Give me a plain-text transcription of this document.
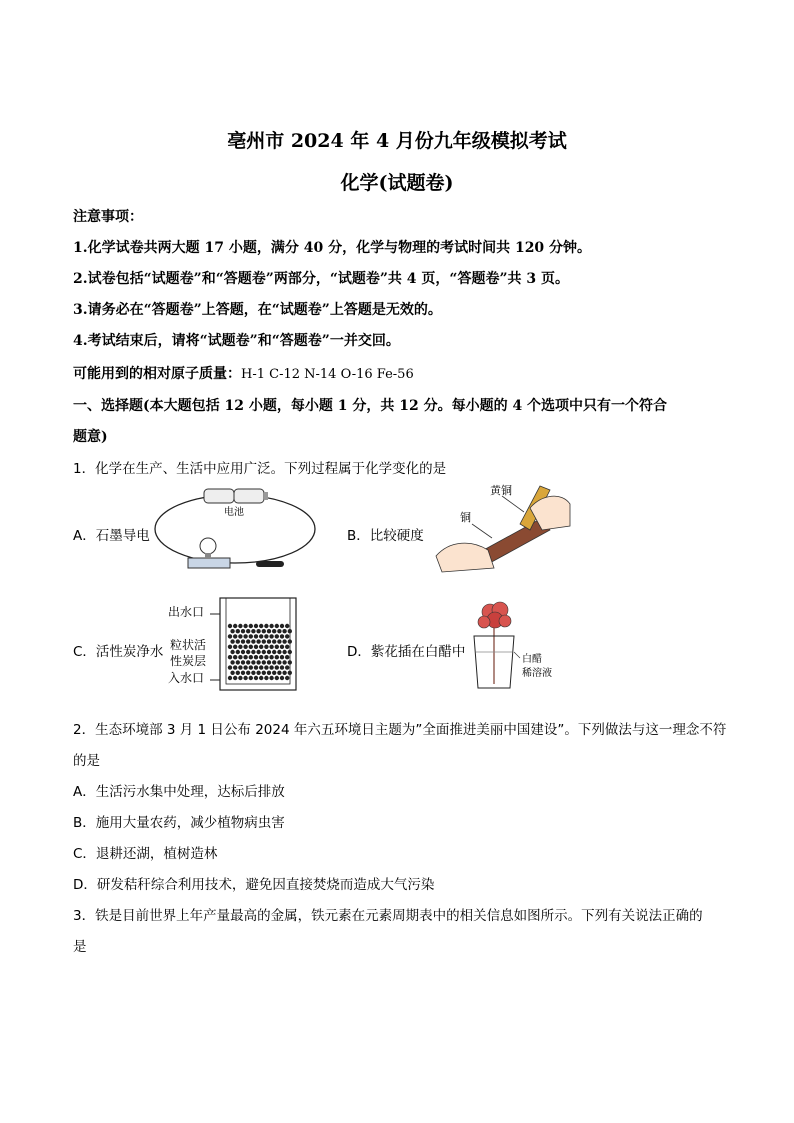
亳州市 2024 年 4 月份九年级模拟考试
化学(试题卷)
注意事项：
1.化学试卷共两大题 17 小题，满分 40 分，化学与物理的考试时间共 120 分钟。
2.试卷包括“试题卷”和“答题卷”两部分，“试题卷”共 4 页，“答题卷”共 3 页。
3.请务必在“答题卷”上答题，在“试题卷”上答题是无效的。
4.考试结束后，请将“试题卷”和“答题卷”一并交回。
可能用到的相对原子质量：H-1 C-12 N-14 O-16 Fe-56
一、选择题(本大题包括 12 小题，每小题 1 分，共 12 分。每小题的 4 个选项中只有一个符合
题意)
1．化学在生产、生活中应用广泛。下列过程属于化学变化的是
A．石墨导电
电池
B．比较硬度
黄铜
铜
C．活性炭净水
出水口
粒状活
性炭层
入水口
D．紫花插在白醋中	白醋
稀溶液
2．生态环境部 3 月 1 日公布 2024 年六五环境日主题为”全面推进美丽中国建设”。下列做法与这一理念不符
的是
A．生活污水集中处理，达标后排放
B．施用大量农药，减少植物病虫害
C．退耕还湖，植树造林
D．研发秸秆综合利用技术，避免因直接焚烧而造成大气污染
3．铁是目前世界上年产量最高的金属，铁元素在元素周期表中的相关信息如图所示。下列有关说法正确的
是
